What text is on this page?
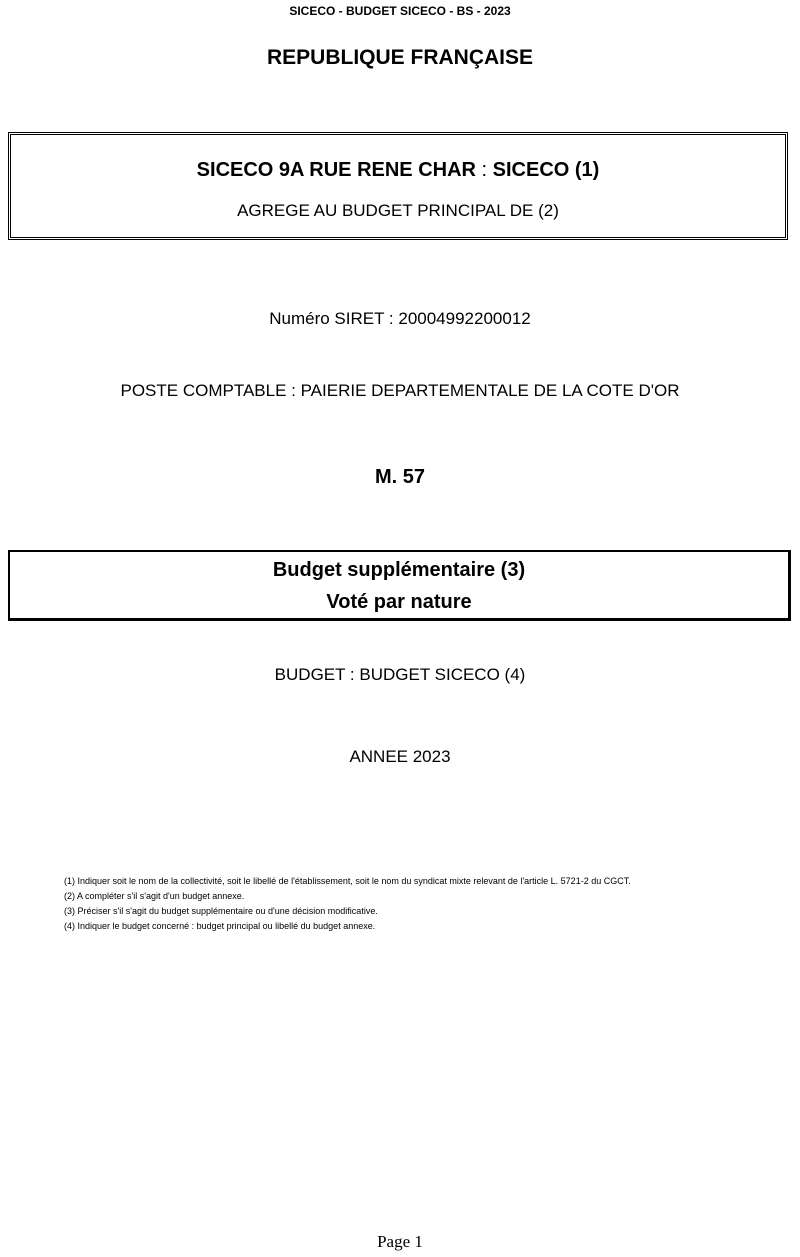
SICECO - BUDGET SICECO - BS - 2023
REPUBLIQUE FRANÇAISE
SICECO 9A RUE RENE CHAR : SICECO (1)
AGREGE AU BUDGET PRINCIPAL DE (2)
Numéro SIRET : 20004992200012
POSTE COMPTABLE : PAIERIE DEPARTEMENTALE DE LA COTE D'OR
M. 57
Budget supplémentaire (3)
Voté par nature
BUDGET : BUDGET SICECO (4)
ANNEE 2023
(1) Indiquer soit le nom de la collectivité, soit le libellé de l'établissement, soit le nom du syndicat mixte relevant de l'article L. 5721-2 du CGCT.
(2) A compléter s'il s'agit d'un budget annexe.
(3) Préciser s'il s'agit du budget supplémentaire ou d'une décision modificative.
(4) Indiquer le budget concerné : budget principal ou libellé du budget annexe.
Page 1
